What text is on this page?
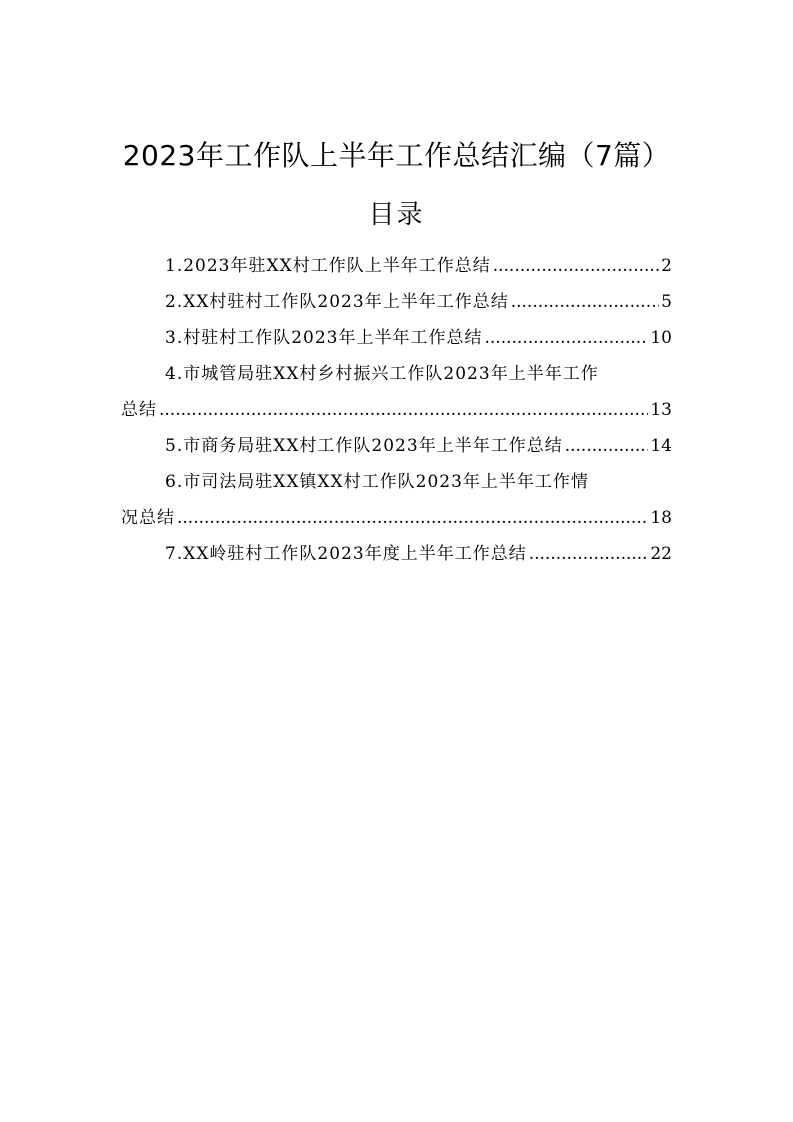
2023年工作队上半年工作总结汇编（7篇）
目录
1.2023年驻XX村工作队上半年工作总结 .....	2
2.XX村驻村工作队2023年上半年工作总结 .....	5
3.村驻村工作队2023年上半年工作总结 .....	10
4.市城管局驻XX村乡村振兴工作队2023年上半年工作
总结 .....	13
5.市商务局驻XX村工作队2023年上半年工作总结 .....	14
6.市司法局驻XX镇XX村工作队2023年上半年工作情
况总结 .....	18
7.XX岭驻村工作队2023年度上半年工作总结 .....	22
